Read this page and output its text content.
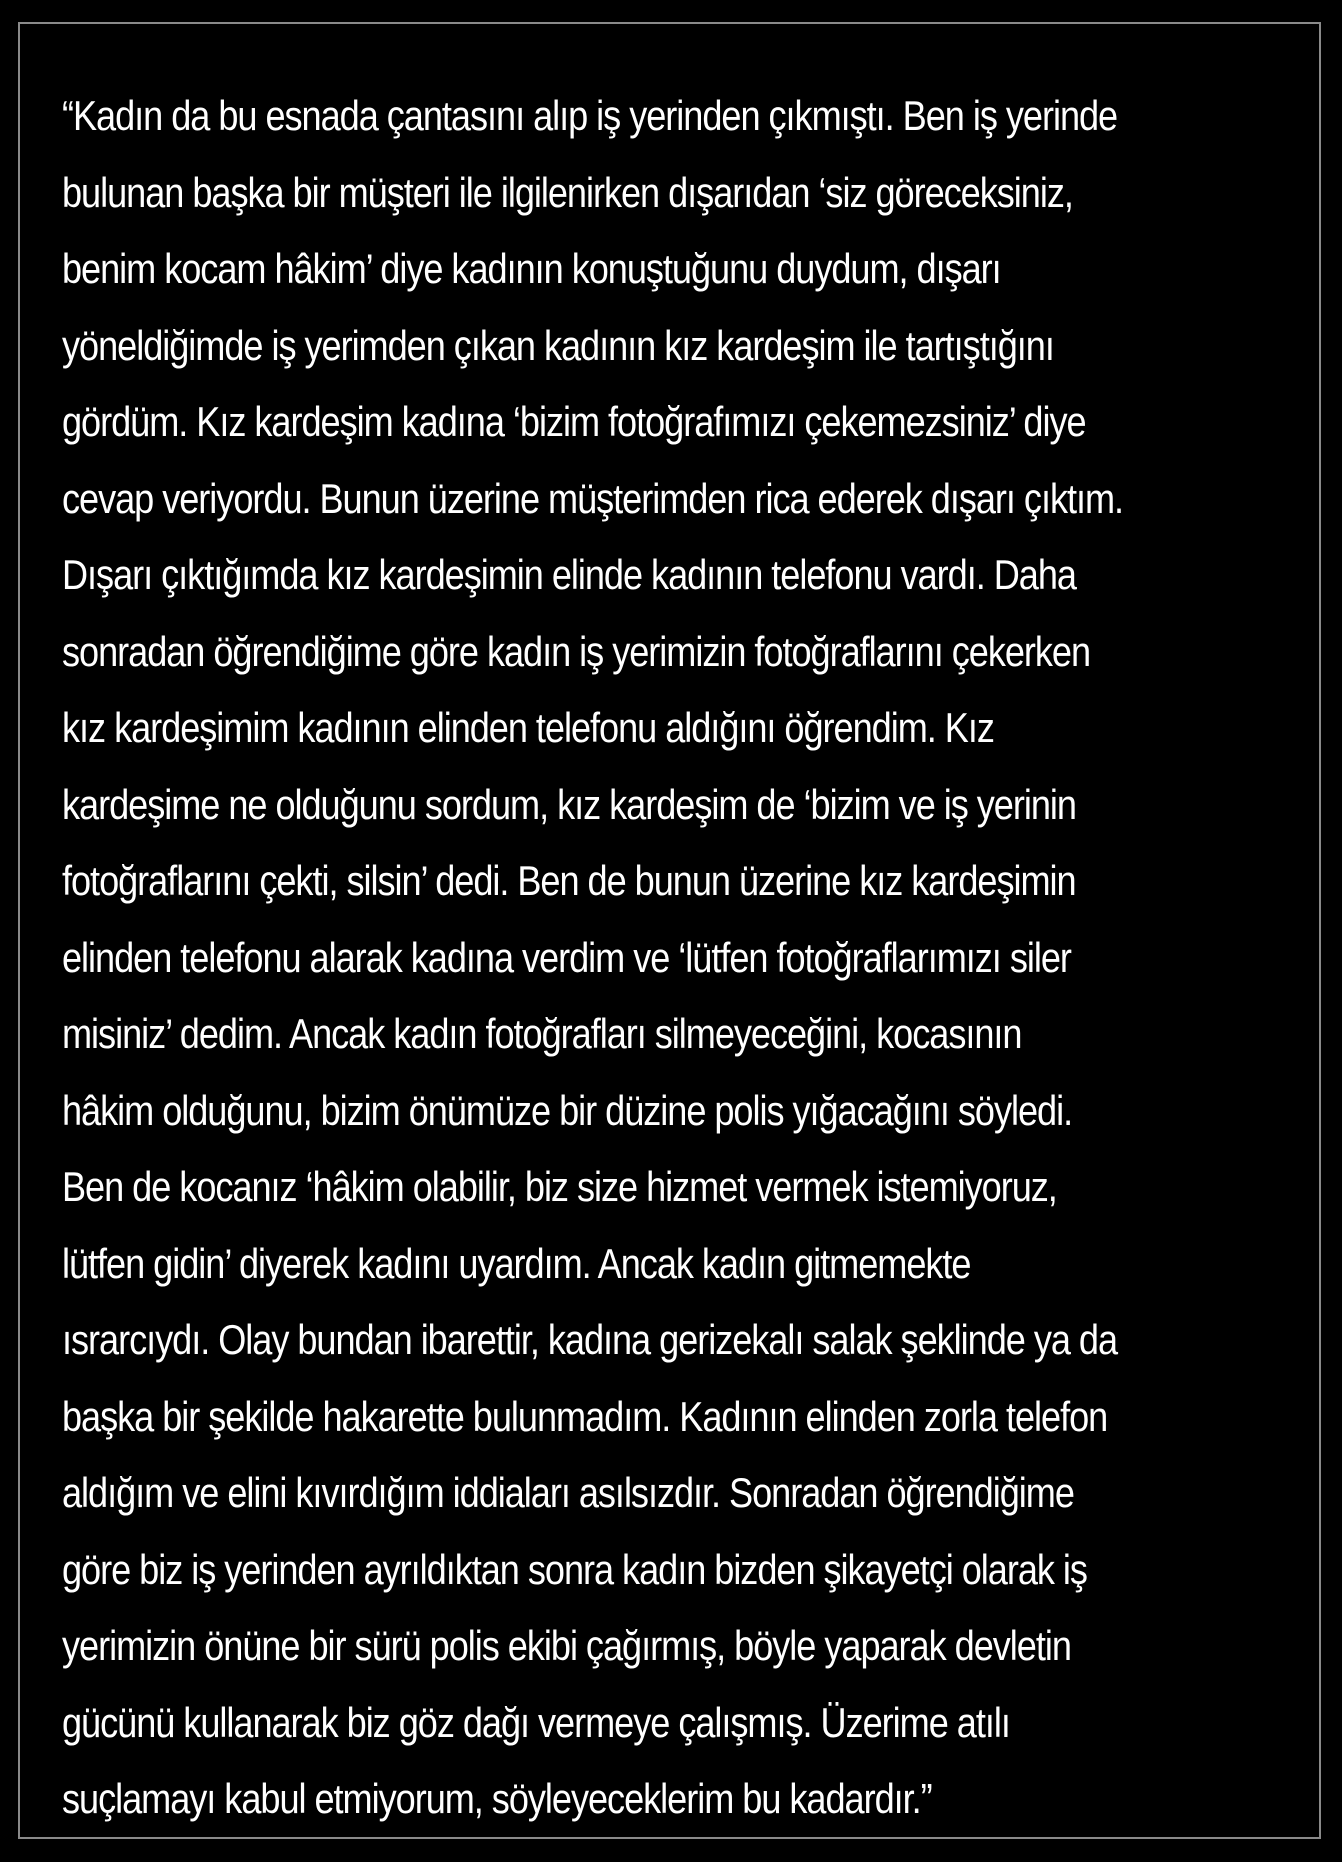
“Kadın da bu esnada çantasını alıp iş yerinden çıkmıştı. Ben iş yerinde
bulunan başka bir müşteri ile ilgilenirken dışarıdan ‘siz göreceksiniz,
benim kocam hâkim’ diye kadının konuştuğunu duydum, dışarı
yöneldiğimde iş yerimden çıkan kadının kız kardeşim ile tartıştığını
gördüm. Kız kardeşim kadına ‘bizim fotoğrafımızı çekemezsiniz’ diye
cevap veriyordu. Bunun üzerine müşterimden rica ederek dışarı çıktım.
Dışarı çıktığımda kız kardeşimin elinde kadının telefonu vardı. Daha
sonradan öğrendiğime göre kadın iş yerimizin fotoğraflarını çekerken
kız kardeşimim kadının elinden telefonu aldığını öğrendim. Kız
kardeşime ne olduğunu sordum, kız kardeşim de ‘bizim ve iş yerinin
fotoğraflarını çekti, silsin’ dedi. Ben de bunun üzerine kız kardeşimin
elinden telefonu alarak kadına verdim ve ‘lütfen fotoğraflarımızı siler
misiniz’ dedim. Ancak kadın fotoğrafları silmeyeceğini, kocasının
hâkim olduğunu, bizim önümüze bir düzine polis yığacağını söyledi.
Ben de kocanız ‘hâkim olabilir, biz size hizmet vermek istemiyoruz,
lütfen gidin’ diyerek kadını uyardım. Ancak kadın gitmemekte
ısrarcıydı. Olay bundan ibarettir, kadına gerizekalı salak şeklinde ya da
başka bir şekilde hakarette bulunmadım. Kadının elinden zorla telefon
aldığım ve elini kıvırdığım iddiaları asılsızdır. Sonradan öğrendiğime
göre biz iş yerinden ayrıldıktan sonra kadın bizden şikayetçi olarak iş
yerimizin önüne bir sürü polis ekibi çağırmış, böyle yaparak devletin
gücünü kullanarak biz göz dağı vermeye çalışmış. Üzerime atılı
suçlamayı kabul etmiyorum, söyleyeceklerim bu kadardır.”
